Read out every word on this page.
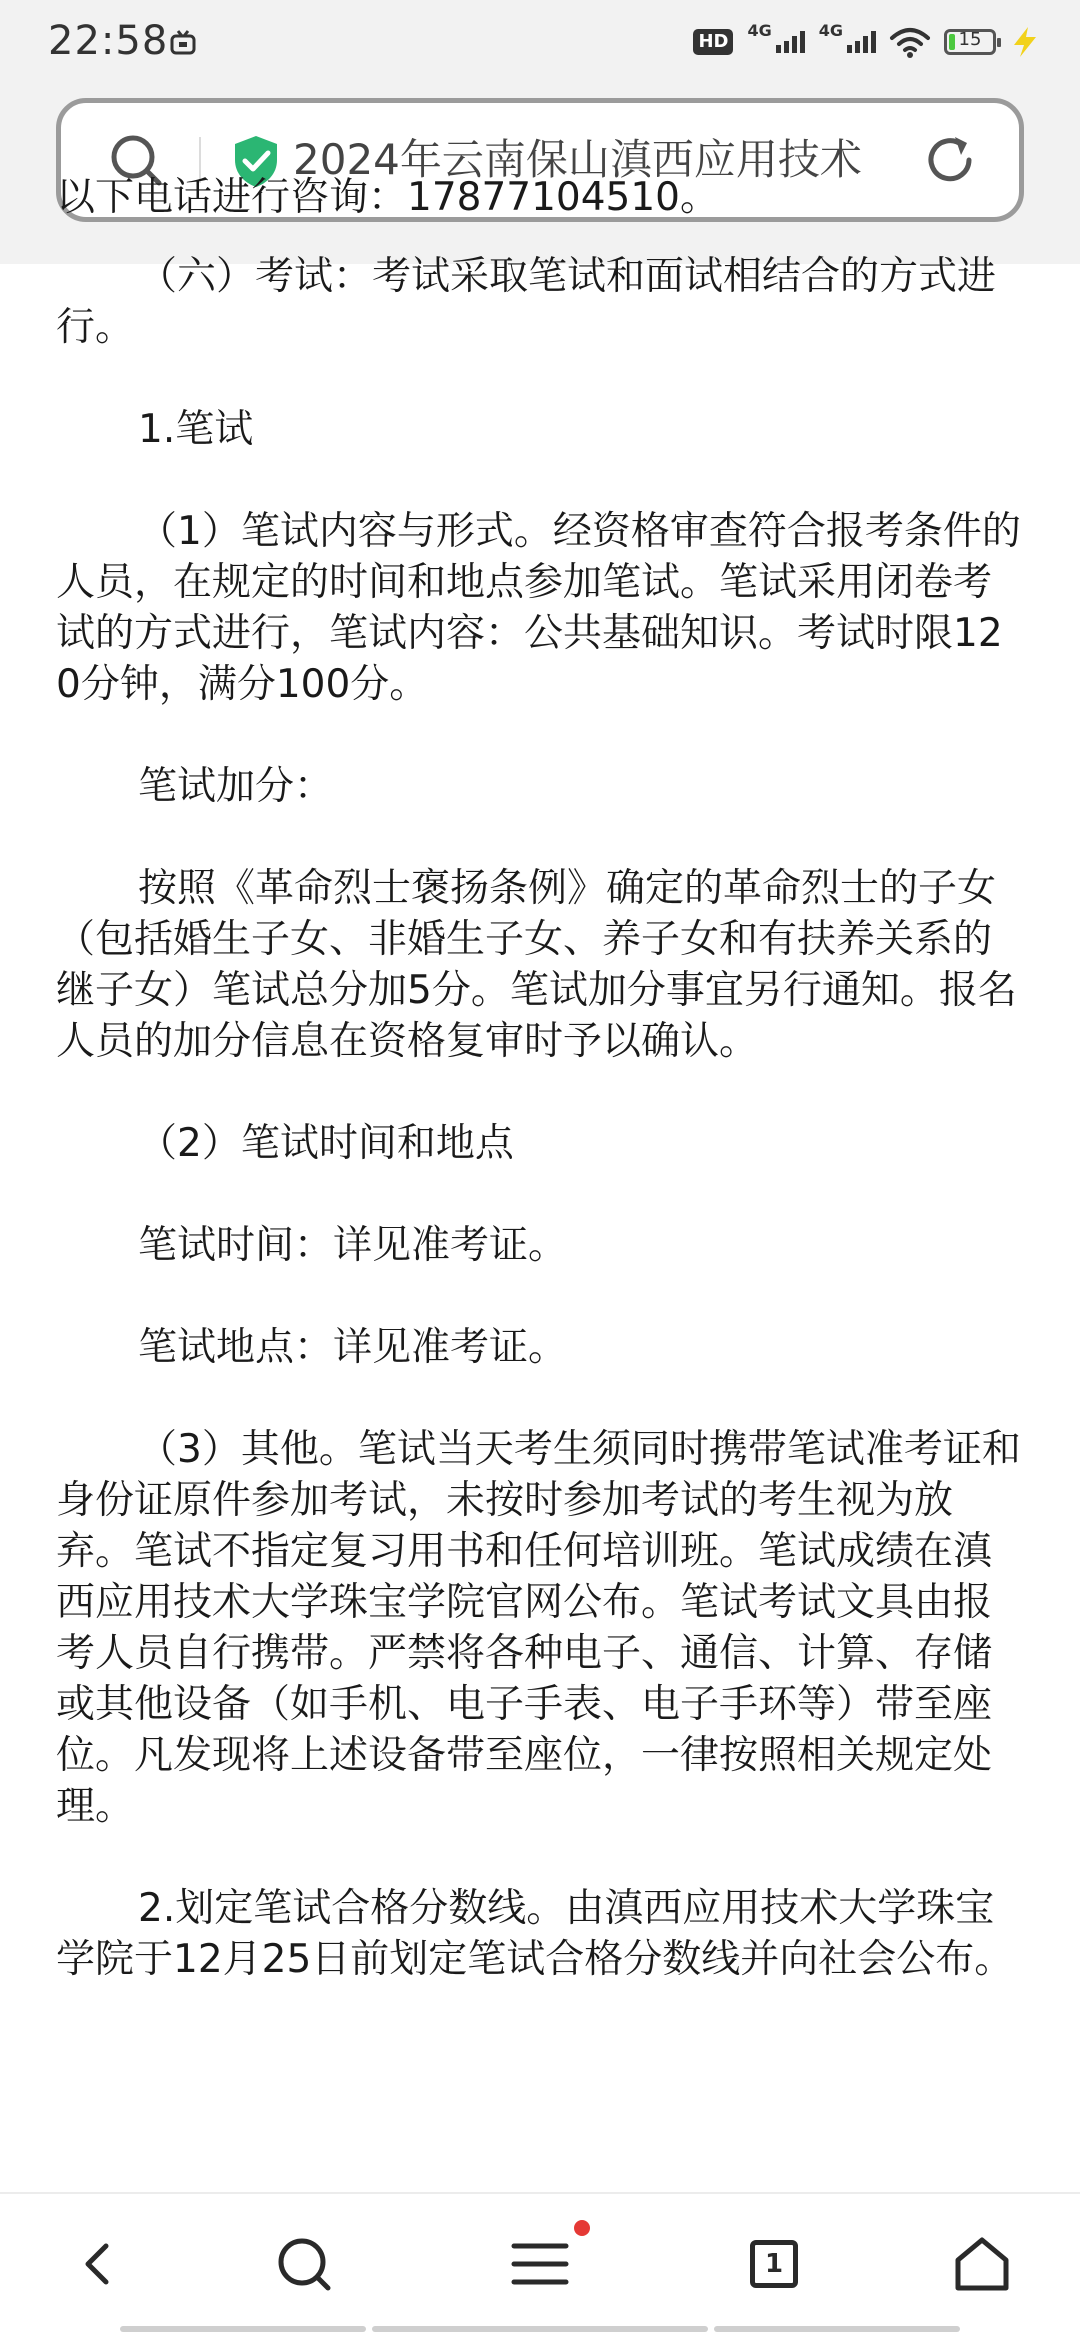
22:58	HD
4G	4G	15
2024年云南保山滇西应用技术
以下电话进行咨询：17877104510。

（六）考试：考试采取笔试和面试相结合的方式进行。

1.笔试

（1）笔试内容与形式。经资格审查符合报考条件的人员，在规定的时间和地点参加笔试。笔试采用闭卷考试的方式进行，笔试内容：公共基础知识。考试时限120分钟，满分100分。

笔试加分：

按照《革命烈士褒扬条例》确定的革命烈士的子女（包括婚生子女、非婚生子女、养子女和有扶养关系的继子女）笔试总分加5分。笔试加分事宜另行通知。报名人员的加分信息在资格复审时予以确认。

（2）笔试时间和地点

笔试时间：详见准考证。

笔试地点：详见准考证。

（3）其他。笔试当天考生须同时携带笔试准考证和身份证原件参加考试，未按时参加考试的考生视为放弃。笔试不指定复习用书和任何培训班。笔试成绩在滇西应用技术大学珠宝学院官网公布。笔试考试文具由报考人员自行携带。严禁将各种电子、通信、计算、存储或其他设备（如手机、电子手表、电子手环等）带至座位。凡发现将上述设备带至座位，一律按照相关规定处理。

2.划定笔试合格分数线。由滇西应用技术大学珠宝学院于12月25日前划定笔试合格分数线并向社会公布。

1
